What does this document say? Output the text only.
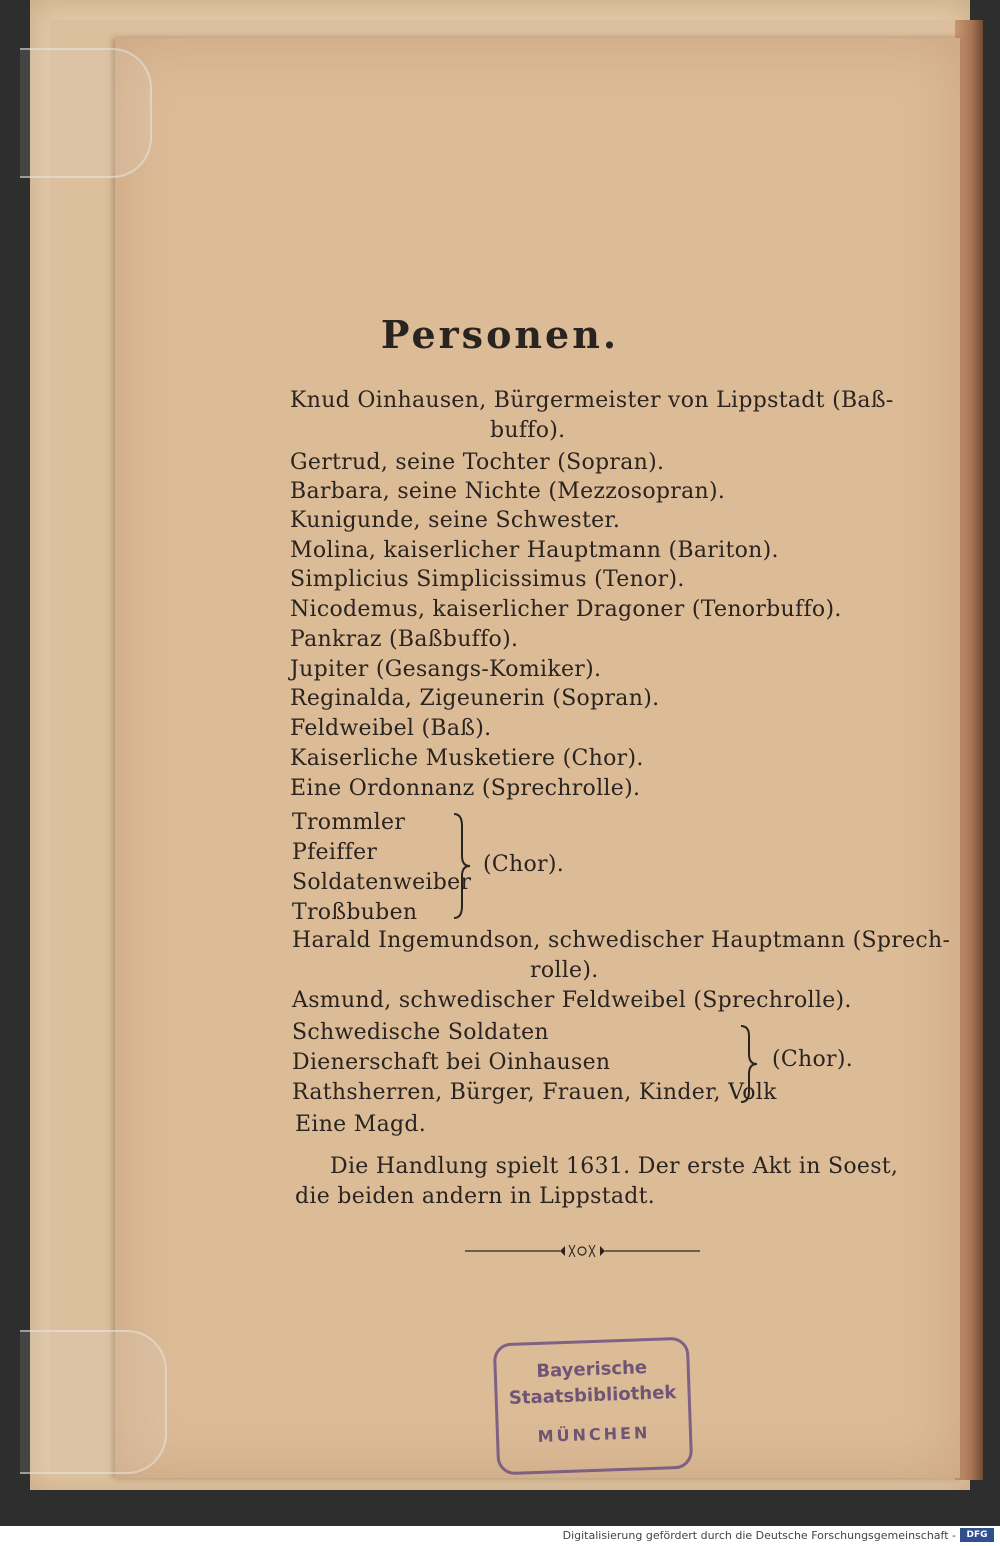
Personen.
Knud Oinhausen, Bürgermeister von Lippstadt (Baß-
buffo).
Gertrud, seine Tochter (Sopran).
Barbara, seine Nichte (Mezzosopran).
Kunigunde, seine Schwester.
Molina, kaiserlicher Hauptmann (Bariton).
Simplicius Simplicissimus (Tenor).
Nicodemus, kaiserlicher Dragoner (Tenorbuffo).
Pankraz (Baßbuffo).
Jupiter (Gesangs-Komiker).
Reginalda, Zigeunerin (Sopran).
Feldweibel (Baß).
Kaiserliche Musketiere (Chor).
Eine Ordonnanz (Sprechrolle).
Trommler
Pfeiffer
Soldatenweiber
Troßbuben
(Chor).
Harald Ingemundson, schwedischer Hauptmann (Sprech-
rolle).
Asmund, schwedischer Feldweibel (Sprechrolle).
Schwedische Soldaten
Dienerschaft bei Oinhausen
Rathsherren, Bürger, Frauen, Kinder, Volk
(Chor).
Eine Magd.
Die Handlung spielt 1631. Der erste Akt in Soest,
die beiden andern in Lippstadt.
Bayerische
Staatsbibliothek
MÜNCHEN
Digitalisierung gefördert durch die Deutsche Forschungsgemeinschaft -	DFG
